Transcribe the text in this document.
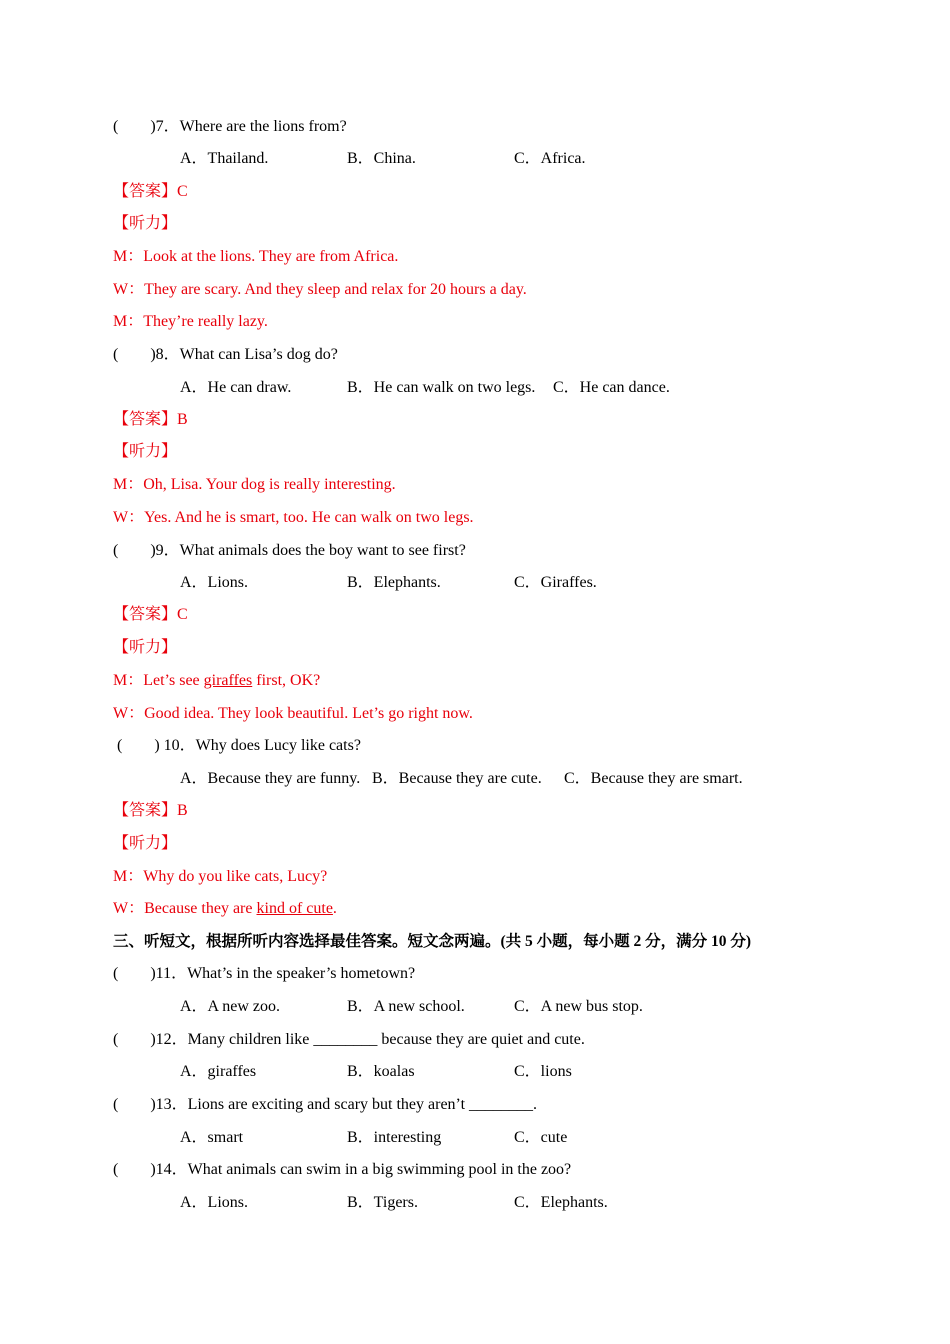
(        )7．Where are the lions from?
A．Thailand.	B．China.	C．Africa.
【答案】C
【听力】
M：Look at the lions. They are from Africa.
W：They are scary. And they sleep and relax for 20 hours a day.
M：They’re really lazy.
(        )8．What can Lisa’s dog do?
A．He can draw.	B．He can walk on two legs. C．He can dance.
【答案】B
【听力】
M：Oh, Lisa. Your dog is really interesting.
W：Yes. And he is smart, too. He can walk on two legs.
(        )9．What animals does the boy want to see first?
A．Lions.	B．Elephants.	C．Giraffes.
【答案】C
【听力】
M：Let’s see giraffes first, OK?
W：Good idea. They look beautiful. Let’s go right now.
(        ) 10．Why does Lucy like cats?
A．Because they are funny. B．Because they are cute. C．Because they are smart.
【答案】B
【听力】
M：Why do you like cats, Lucy?
W：Because they are kind of cute.
三、听短文，根据所听内容选择最佳答案。短文念两遍。(共 5 小题，每小题 2 分，满分 10 分)
(        )11．What’s in the speaker’s hometown?
A．A new zoo.	B．A new school.	C．A new bus stop.
(        )12．Many children like ________ because they are quiet and cute.
A．giraffes	B．koalas	C．lions
(        )13．Lions are exciting and scary but they aren’t ________.
A．smart	B．interesting	C．cute
(        )14．What animals can swim in a big swimming pool in the zoo?
A．Lions.	B．Tigers.	C．Elephants.
